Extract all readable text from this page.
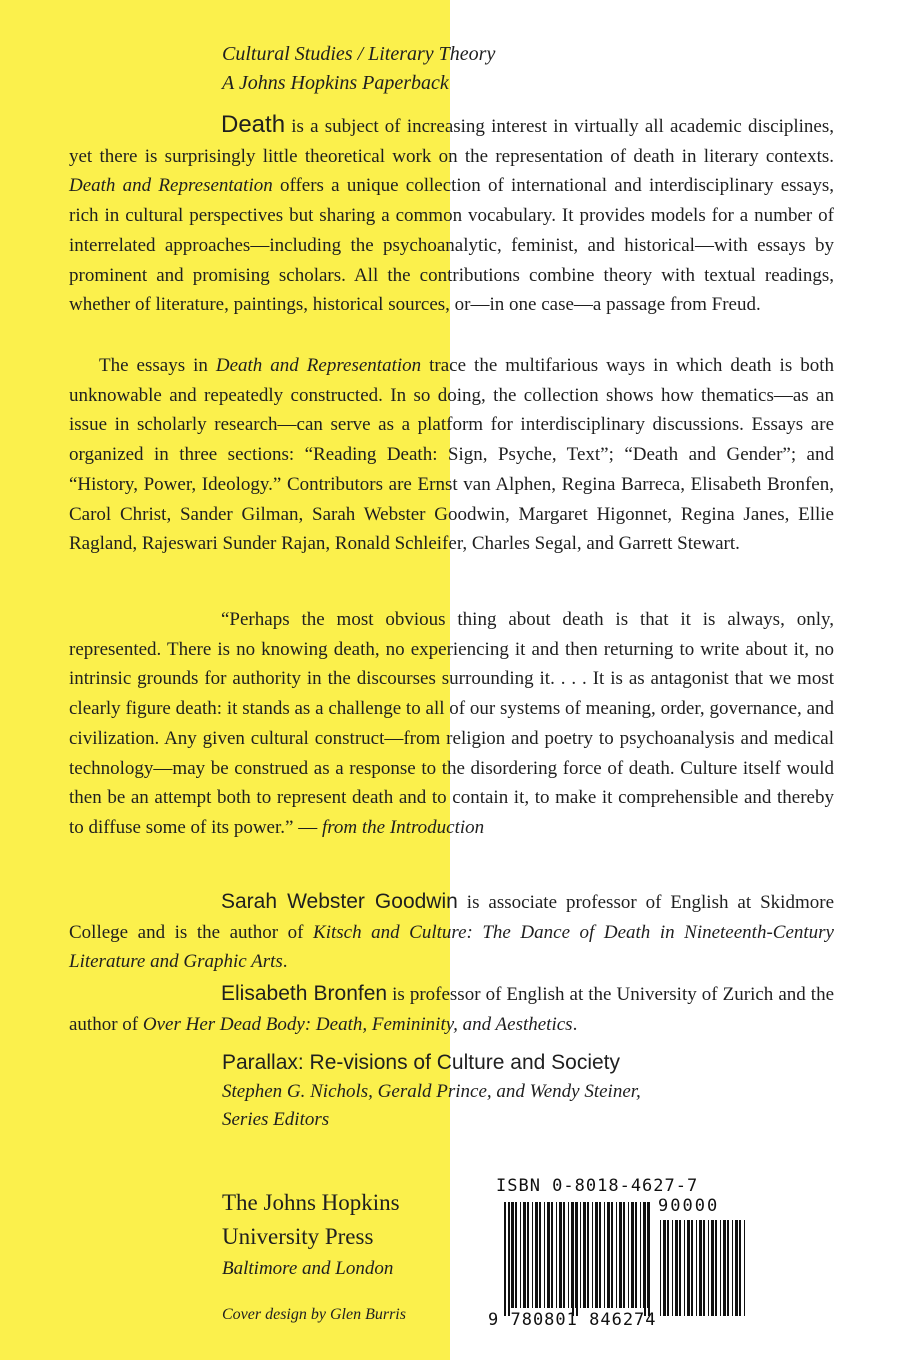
Cultural Studies / Literary Theory
A Johns Hopkins Paperback

Death is a subject of increasing interest in virtually all academic disciplines, yet there is surprisingly little theoretical work on the representation of death in literary contexts. Death and Representation offers a unique collection of international and interdisciplinary essays, rich in cultural perspectives but sharing a common vocabulary. It provides models for a number of interrelated approaches—including the psychoanalytic, feminist, and historical—with essays by prominent and promising scholars. All the contributions combine theory with textual readings, whether of literature, paintings, historical sources, or—in one case—a passage from Freud.

The essays in Death and Representation trace the multifarious ways in which death is both unknowable and repeatedly constructed. In so doing, the collection shows how thematics—as an issue in scholarly research—can serve as a platform for interdisciplinary discussions. Essays are organized in three sections: “Reading Death: Sign, Psyche, Text”; “Death and Gender”; and “History, Power, Ideology.” Contributors are Ernst van Alphen, Regina Barreca, Elisabeth Bronfen, Carol Christ, Sander Gilman, Sarah Webster Goodwin, Margaret Higonnet, Regina Janes, Ellie Ragland, Rajeswari Sunder Rajan, Ronald Schleifer, Charles Segal, and Garrett Stewart.

“Perhaps the most obvious thing about death is that it is always, only, represented. There is no knowing death, no experiencing it and then returning to write about it, no intrinsic grounds for authority in the discourses surrounding it. . . . It is as antagonist that we most clearly figure death: it stands as a challenge to all of our systems of meaning, order, governance, and civilization. Any given cultural construct—from religion and poetry to psychoanalysis and medical technology—may be construed as a response to the disordering force of death. Culture itself would then be an attempt both to represent death and to contain it, to make it comprehensible and thereby to diffuse some of its power.” — from the Introduction

Sarah Webster Goodwin is associate professor of English at Skidmore College and is the author of Kitsch and Culture: The Dance of Death in Nineteenth-Century Literature and Graphic Arts.

Elisabeth Bronfen is professor of English at the University of Zurich and the author of Over Her Dead Body: Death, Femininity, and Aesthetics.

Parallax: Re-visions of Culture and Society
Stephen G. Nichols, Gerald Prince, and Wendy Steiner,
Series Editors
The Johns Hopkins
University Press
Baltimore and London
Cover design by Glen Burris
ISBN 0-8018-4627-7
90000
9 780801 846274
